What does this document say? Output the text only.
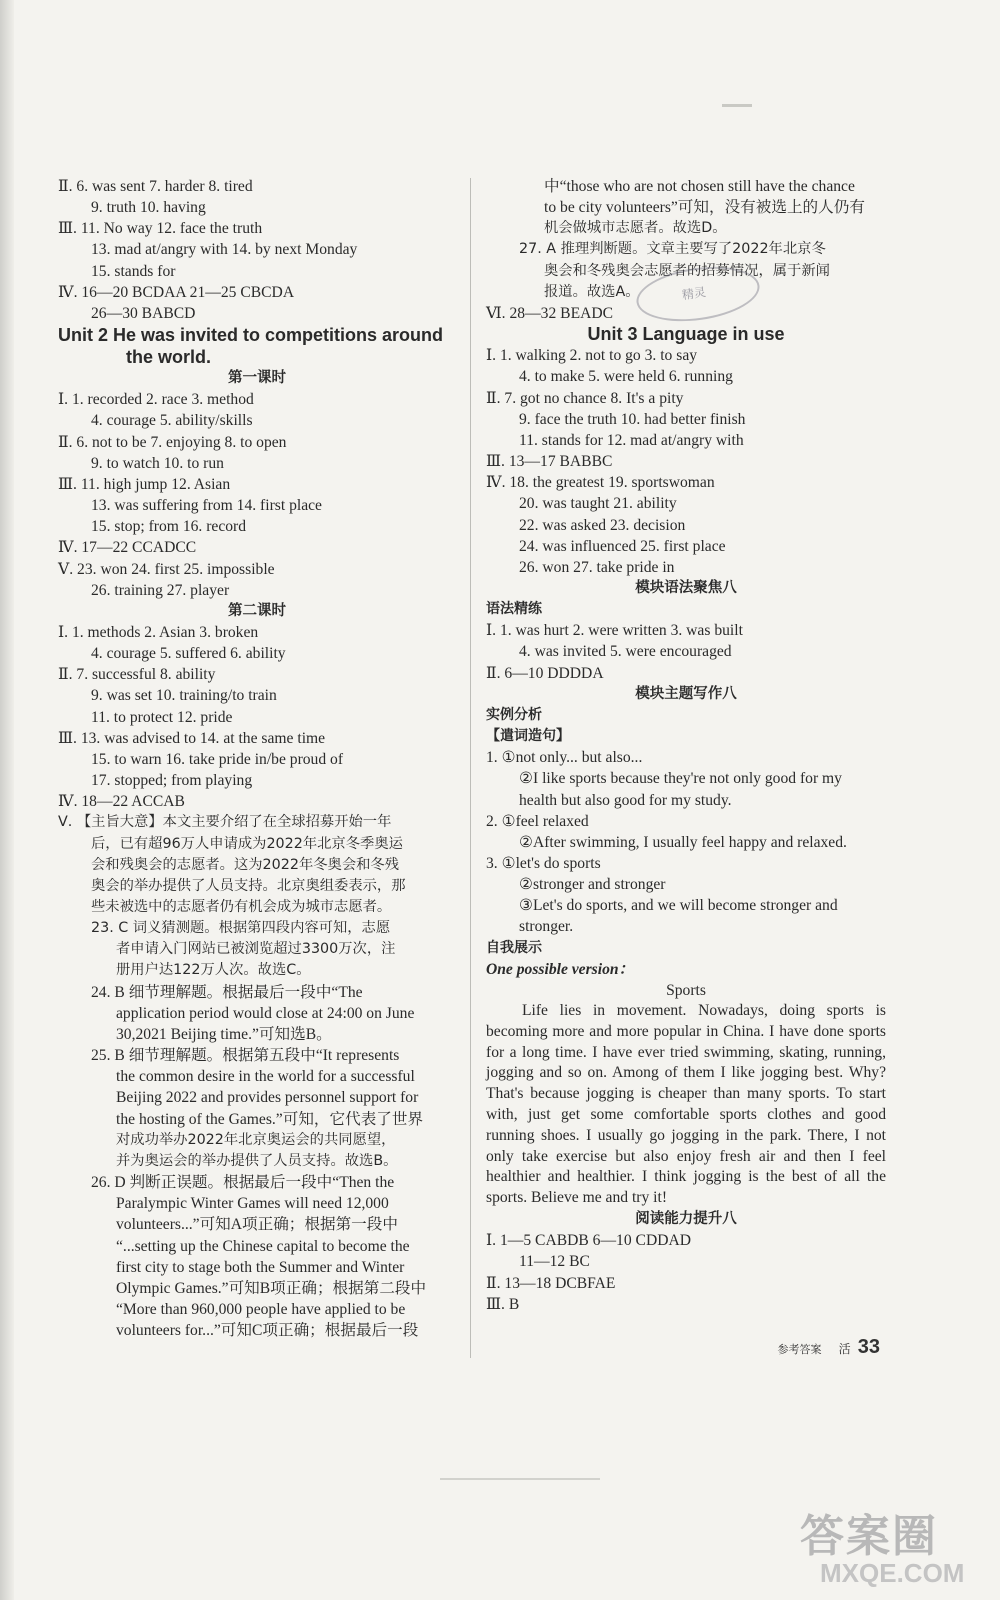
Ⅱ. 6. was sent 7. harder 8. tired
9. truth 10. having
Ⅲ. 11. No way 12. face the truth
13. mad at/angry with 14. by next Monday
15. stands for
Ⅳ. 16—20 BCDAA 21—25 CBCDA
26—30 BABCD
Unit 2 He was invited to competitions around
the world.
第一课时
Ⅰ. 1. recorded 2. race 3. method
4. courage 5. ability/skills
Ⅱ. 6. not to be 7. enjoying 8. to open
9. to watch 10. to run
Ⅲ. 11. high jump 12. Asian
13. was suffering from 14. first place
15. stop; from 16. record
Ⅳ. 17—22 CCADCC
Ⅴ. 23. won 24. first 25. impossible
26. training 27. player
第二课时
Ⅰ. 1. methods 2. Asian 3. broken
4. courage 5. suffered 6. ability
Ⅱ. 7. successful 8. ability
9. was set 10. training/to train
11. to protect 12. pride
Ⅲ. 13. was advised to 14. at the same time
15. to warn 16. take pride in/be proud of
17. stopped; from playing
Ⅳ. 18—22 ACCAB
Ⅴ. 【主旨大意】本文主要介绍了在全球招募开始一年
后，已有超96万人申请成为2022年北京冬季奥运
会和残奥会的志愿者。这为2022年冬奥会和冬残
奥会的举办提供了人员支持。北京奥组委表示，那
些未被选中的志愿者仍有机会成为城市志愿者。
23. C 词义猜测题。根据第四段内容可知，志愿
者申请入门网站已被浏览超过3300万次，注
册用户达122万人次。故选C。
24. B 细节理解题。根据最后一段中“The
application period would close at 24:00 on June
30,2021 Beijing time.”可知选B。
25. B 细节理解题。根据第五段中“It represents
the common desire in the world for a successful
Beijing 2022 and provides personnel support for
the hosting of the Games.”可知，它代表了世界
对成功举办2022年北京奥运会的共同愿望，
并为奥运会的举办提供了人员支持。故选B。
26. D 判断正误题。根据最后一段中“Then the
Paralympic Winter Games will need 12,000
volunteers...”可知A项正确；根据第一段中
“...setting up the Chinese capital to become the
first city to stage both the Summer and Winter
Olympic Games.”可知B项正确；根据第二段中
“More than 960,000 people have applied to be
volunteers for...”可知C项正确；根据最后一段
中“those who are not chosen still have the chance
to be city volunteers”可知，没有被选上的人仍有
机会做城市志愿者。故选D。
27. A 推理判断题。文章主要写了2022年北京冬
奥会和冬残奥会志愿者的招募情况，属于新闻
报道。故选A。
Ⅵ. 28—32 BEADC
Unit 3 Language in use
Ⅰ. 1. walking 2. not to go 3. to say
4. to make 5. were held 6. running
Ⅱ. 7. got no chance 8. It's a pity
9. face the truth 10. had better finish
11. stands for 12. mad at/angry with
Ⅲ. 13—17 BABBC
Ⅳ. 18. the greatest 19. sportswoman
20. was taught 21. ability
22. was asked 23. decision
24. was influenced 25. first place
26. won 27. take pride in
模块语法聚焦八
语法精练
Ⅰ. 1. was hurt 2. were written 3. was built
4. was invited 5. were encouraged
Ⅱ. 6—10 DDDDA
模块主题写作八
实例分析
【遣词造句】
1. ①not only... but also...
②I like sports because they're not only good for my
health but also good for my study.
2. ①feel relaxed
②After swimming, I usually feel happy and relaxed.
3. ①let's do sports
②stronger and stronger
③Let's do sports, and we will become stronger and
stronger.
自我展示
One possible version：
Sports
Life lies in movement. Nowadays, doing sports is becoming more and more popular in China. I have done sports for a long time. I have ever tried swimming, skating, running, jogging and so on. Among of them I like jogging best. Why? That's because jogging is cheaper than many sports. To start with, just get some comfortable sports clothes and good running shoes. I usually go jogging in the park. There, I not only take exercise but also enjoy fresh air and then I feel healthier and healthier. I think jogging is the best of all the sports. Believe me and try it!
阅读能力提升八
Ⅰ. 1—5 CABDB 6—10 CDDAD
11—12 BC
Ⅱ. 13—18 DCBFAE
Ⅲ. B
精灵
参考答案 活 33
答案圈
MXQE.COM
